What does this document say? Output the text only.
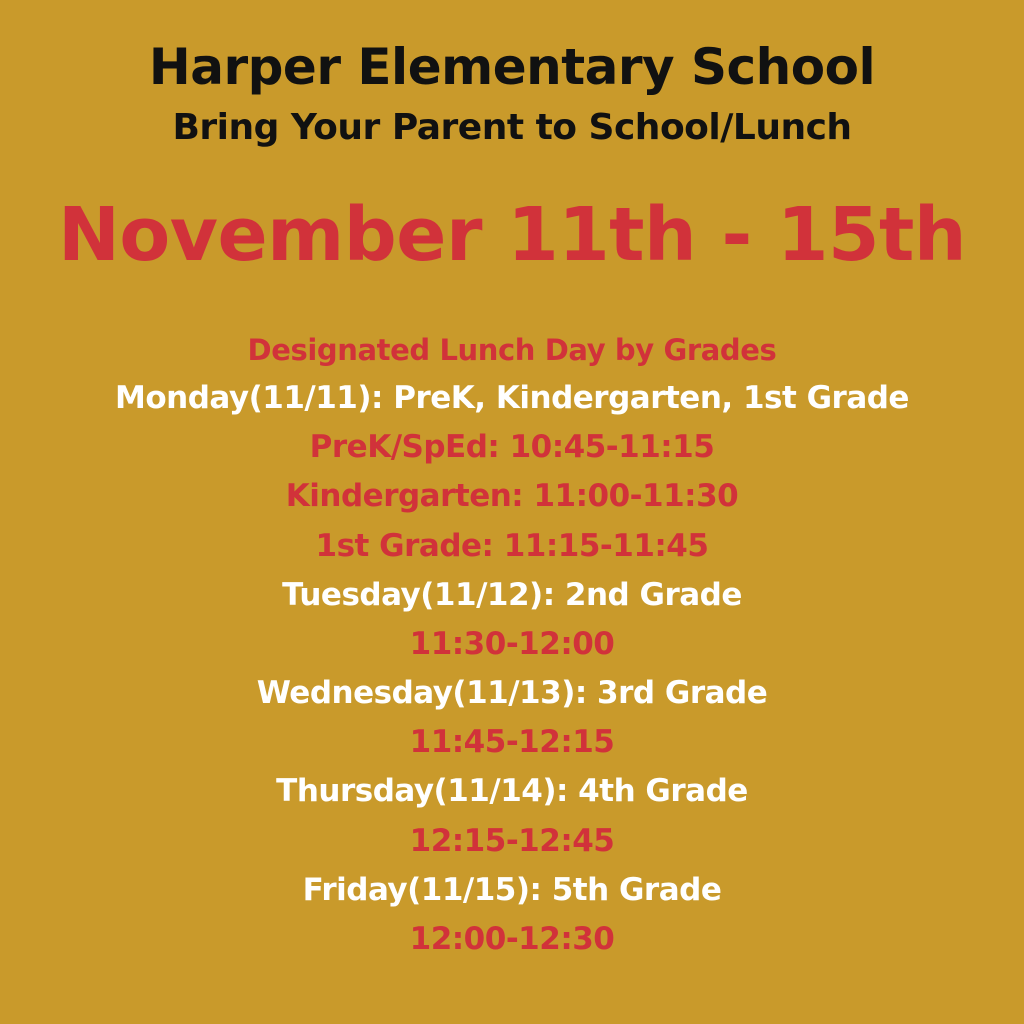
Harper Elementary School
Bring Your Parent to School/Lunch
November 11th - 15th
Designated Lunch Day by Grades
Monday(11/11): PreK, Kindergarten, 1st Grade
PreK/SpEd: 10:45-11:15
Kindergarten: 11:00-11:30
1st Grade: 11:15-11:45
Tuesday(11/12): 2nd Grade
11:30-12:00
Wednesday(11/13): 3rd Grade
11:45-12:15
Thursday(11/14): 4th Grade
12:15-12:45
Friday(11/15): 5th Grade
12:00-12:30
